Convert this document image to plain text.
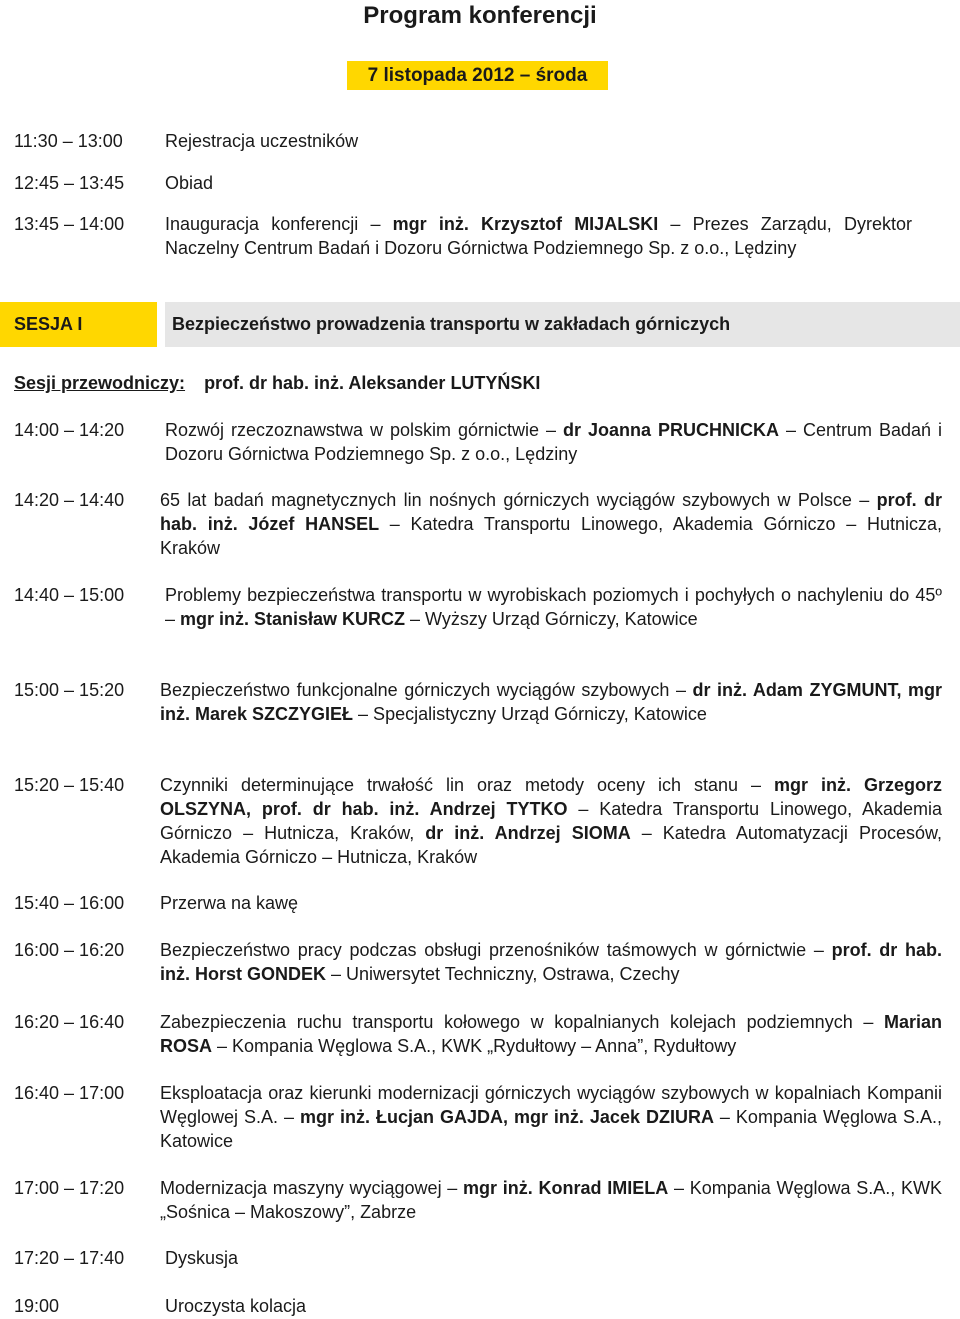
Program konferencji
7 listopada 2012 – środa
11:30 – 13:00 Rejestracja uczestników
12:45 – 13:45 Obiad
13:45 – 14:00 Inauguracja konferencji – mgr inż. Krzysztof MIJALSKI – Prezes Zarządu, Dyrektor Naczelny Centrum Badań i Dozoru Górnictwa Podziemnego Sp. z o.o., Lędziny
SESJA I	Bezpieczeństwo prowadzenia transportu w zakładach górniczych
Sesji przewodniczy: prof. dr hab. inż. Aleksander LUTYŃSKI
14:00 – 14:20 Rozwój rzeczoznawstwa w polskim górnictwie – dr Joanna PRUCHNICKA – Centrum Badań i Dozoru Górnictwa Podziemnego Sp. z o.o., Lędziny
14:20 – 14:40 65 lat badań magnetycznych lin nośnych górniczych wyciągów szybowych w Polsce – prof. dr hab. inż. Józef HANSEL – Katedra Transportu Linowego, Akademia Górniczo – Hutnicza, Kraków
14:40 – 15:00 Problemy bezpieczeństwa transportu w wyrobiskach poziomych i pochyłych o nachyleniu do 45º – mgr inż. Stanisław KURCZ – Wyższy Urząd Górniczy, Katowice
15:00 – 15:20 Bezpieczeństwo funkcjonalne górniczych wyciągów szybowych – dr inż. Adam ZYGMUNT, mgr inż. Marek SZCZYGIEŁ – Specjalistyczny Urząd Górniczy, Katowice
15:20 – 15:40 Czynniki determinujące trwałość lin oraz metody oceny ich stanu – mgr inż. Grzegorz OLSZYNA, prof. dr hab. inż. Andrzej TYTKO – Katedra Transportu Linowego, Akademia Górniczo – Hutnicza, Kraków, dr inż. Andrzej SIOMA – Katedra Automatyzacji Procesów, Akademia Górniczo – Hutnicza, Kraków
15:40 – 16:00 Przerwa na kawę
16:00 – 16:20 Bezpieczeństwo pracy podczas obsługi przenośników taśmowych w górnictwie – prof. dr hab. inż. Horst GONDEK – Uniwersytet Techniczny, Ostrawa, Czechy
16:20 – 16:40 Zabezpieczenia ruchu transportu kołowego w kopalnianych kolejach podziemnych – Marian ROSA – Kompania Węglowa S.A., KWK „Rydułtowy – Anna”, Rydułtowy
16:40 – 17:00 Eksploatacja oraz kierunki modernizacji górniczych wyciągów szybowych w kopalniach Kompanii Węglowej S.A. – mgr inż. Łucjan GAJDA, mgr inż. Jacek DZIURA – Kompania Węglowa S.A., Katowice
17:00 – 17:20 Modernizacja maszyny wyciągowej – mgr inż. Konrad IMIELA – Kompania Węglowa S.A., KWK „Sośnica – Makoszowy”, Zabrze
17:20 – 17:40 Dyskusja
19:00	Uroczysta kolacja
